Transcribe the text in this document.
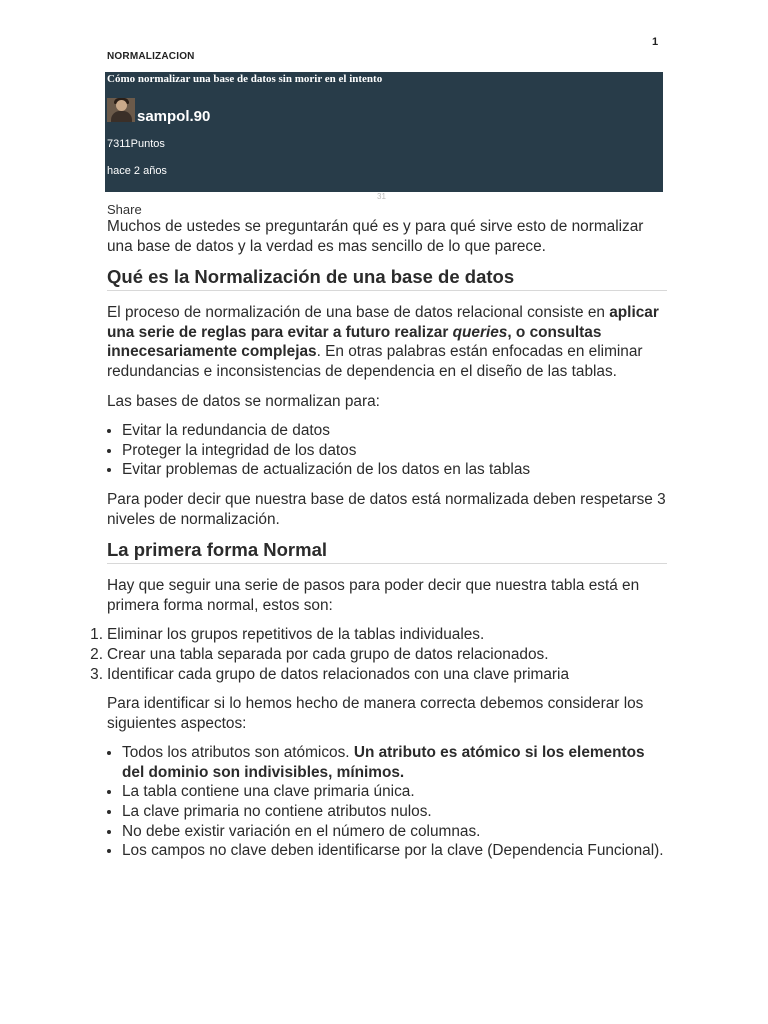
1
NORMALIZACION
Cómo normalizar una base de datos sin morir en el intento
sampol.90
7311Puntos
hace 2 años
31
Share

Muchos de ustedes se preguntarán qué es y para qué sirve esto de normalizar una base de datos y la verdad es mas sencillo de lo que parece.

Qué es la Normalización de una base de datos

El proceso de normalización de una base de datos relacional consiste en aplicar una serie de reglas para evitar a futuro realizar queries, o consultas innecesariamente complejas. En otras palabras están enfocadas en eliminar redundancias e inconsistencias de dependencia en el diseño de las tablas.

Las bases de datos se normalizan para:

• Evitar la redundancia de datos
• Proteger la integridad de los datos
• Evitar problemas de actualización de los datos en las tablas

Para poder decir que nuestra base de datos está normalizada deben respetarse 3 niveles de normalización.

La primera forma Normal

Hay que seguir una serie de pasos para poder decir que nuestra tabla está en primera forma normal, estos son:

1. Eliminar los grupos repetitivos de la tablas individuales.
2. Crear una tabla separada por cada grupo de datos relacionados.
3. Identificar cada grupo de datos relacionados con una clave primaria

Para identificar si lo hemos hecho de manera correcta debemos considerar los siguientes aspectos:

• Todos los atributos son atómicos. Un atributo es atómico si los elementos del dominio son indivisibles, mínimos.
• La tabla contiene una clave primaria única.
• La clave primaria no contiene atributos nulos.
• No debe existir variación en el número de columnas.
• Los campos no clave deben identificarse por la clave (Dependencia Funcional).
